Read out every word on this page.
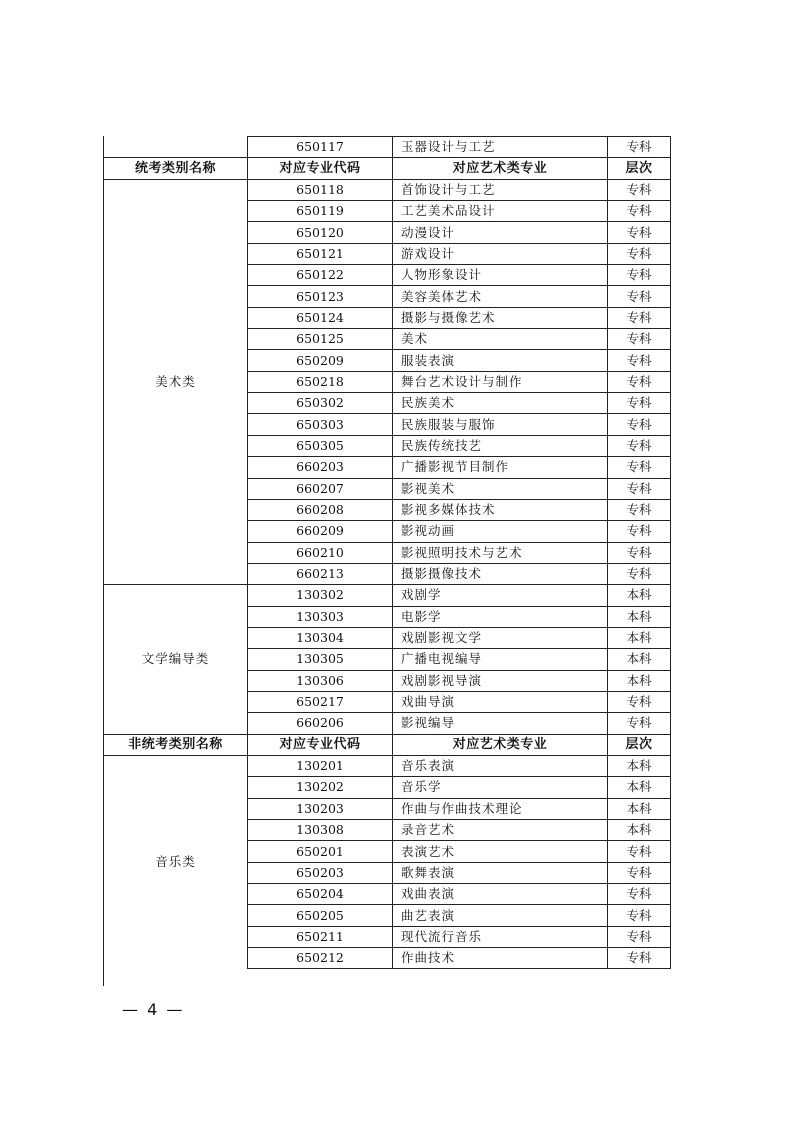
	650117	玉器设计与工艺	专科
统考类别名称	对应专业代码	对应艺术类专业	层次
美术类	650118	首饰设计与工艺	专科
	650119	工艺美术品设计	专科
	650120	动漫设计	专科
	650121	游戏设计	专科
	650122	人物形象设计	专科
	650123	美容美体艺术	专科
	650124	摄影与摄像艺术	专科
	650125	美术	专科
	650209	服装表演	专科
	650218	舞台艺术设计与制作	专科
	650302	民族美术	专科
	650303	民族服装与服饰	专科
	650305	民族传统技艺	专科
	660203	广播影视节目制作	专科
	660207	影视美术	专科
	660208	影视多媒体技术	专科
	660209	影视动画	专科
	660210	影视照明技术与艺术	专科
	660213	摄影摄像技术	专科
文学编导类	130302	戏剧学	本科
	130303	电影学	本科
	130304	戏剧影视文学	本科
	130305	广播电视编导	本科
	130306	戏剧影视导演	本科
	650217	戏曲导演	专科
	660206	影视编导	专科
非统考类别名称	对应专业代码	对应艺术类专业	层次
音乐类	130201	音乐表演	本科
	130202	音乐学	本科
	130203	作曲与作曲技术理论	本科
	130308	录音艺术	本科
	650201	表演艺术	专科
	650203	歌舞表演	专科
	650204	戏曲表演	专科
	650205	曲艺表演	专科
	650211	现代流行音乐	专科
	650212	作曲技术	专科
— 4 —
